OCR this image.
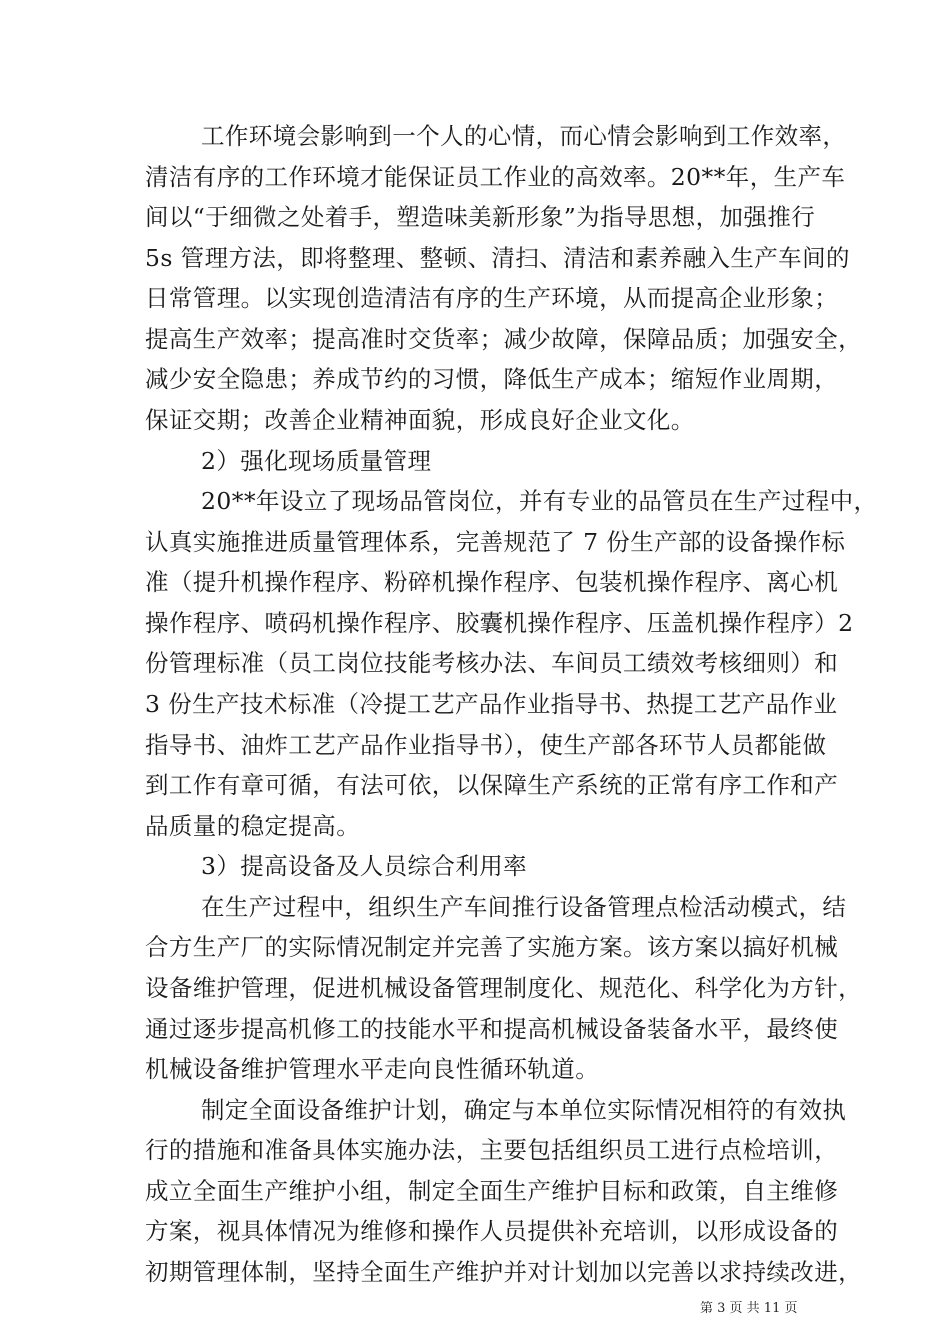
工作环境会影响到一个人的心情，而心情会影响到工作效率，
清洁有序的工作环境才能保证员工作业的高效率。20**年，生产车
间以“于细微之处着手，塑造味美新形象”为指导思想，加强推行
5s 管理方法，即将整理、整顿、清扫、清洁和素养融入生产车间的
日常管理。以实现创造清洁有序的生产环境，从而提高企业形象；
提高生产效率；提高准时交货率；减少故障，保障品质；加强安全，
减少安全隐患；养成节约的习惯，降低生产成本；缩短作业周期，
保证交期；改善企业精神面貌，形成良好企业文化。
2）强化现场质量管理
20**年设立了现场品管岗位，并有专业的品管员在生产过程中，
认真实施推进质量管理体系，完善规范了 7 份生产部的设备操作标
准（提升机操作程序、粉碎机操作程序、包装机操作程序、离心机
操作程序、喷码机操作程序、胶囊机操作程序、压盖机操作程序）2
份管理标准（员工岗位技能考核办法、车间员工绩效考核细则）和
3 份生产技术标准（冷提工艺产品作业指导书、热提工艺产品作业
指导书、油炸工艺产品作业指导书），使生产部各环节人员都能做
到工作有章可循，有法可依，以保障生产系统的正常有序工作和产
品质量的稳定提高。
3）提高设备及人员综合利用率
在生产过程中，组织生产车间推行设备管理点检活动模式，结
合方生产厂的实际情况制定并完善了实施方案。该方案以搞好机械
设备维护管理，促进机械设备管理制度化、规范化、科学化为方针，
通过逐步提高机修工的技能水平和提高机械设备装备水平，最终使
机械设备维护管理水平走向良性循环轨道。
制定全面设备维护计划，确定与本单位实际情况相符的有效执
行的措施和准备具体实施办法，主要包括组织员工进行点检培训，
成立全面生产维护小组，制定全面生产维护目标和政策，自主维修
方案，视具体情况为维修和操作人员提供补充培训，以形成设备的
初期管理体制，坚持全面生产维护并对计划加以完善以求持续改进，
第 3 页 共 11 页
